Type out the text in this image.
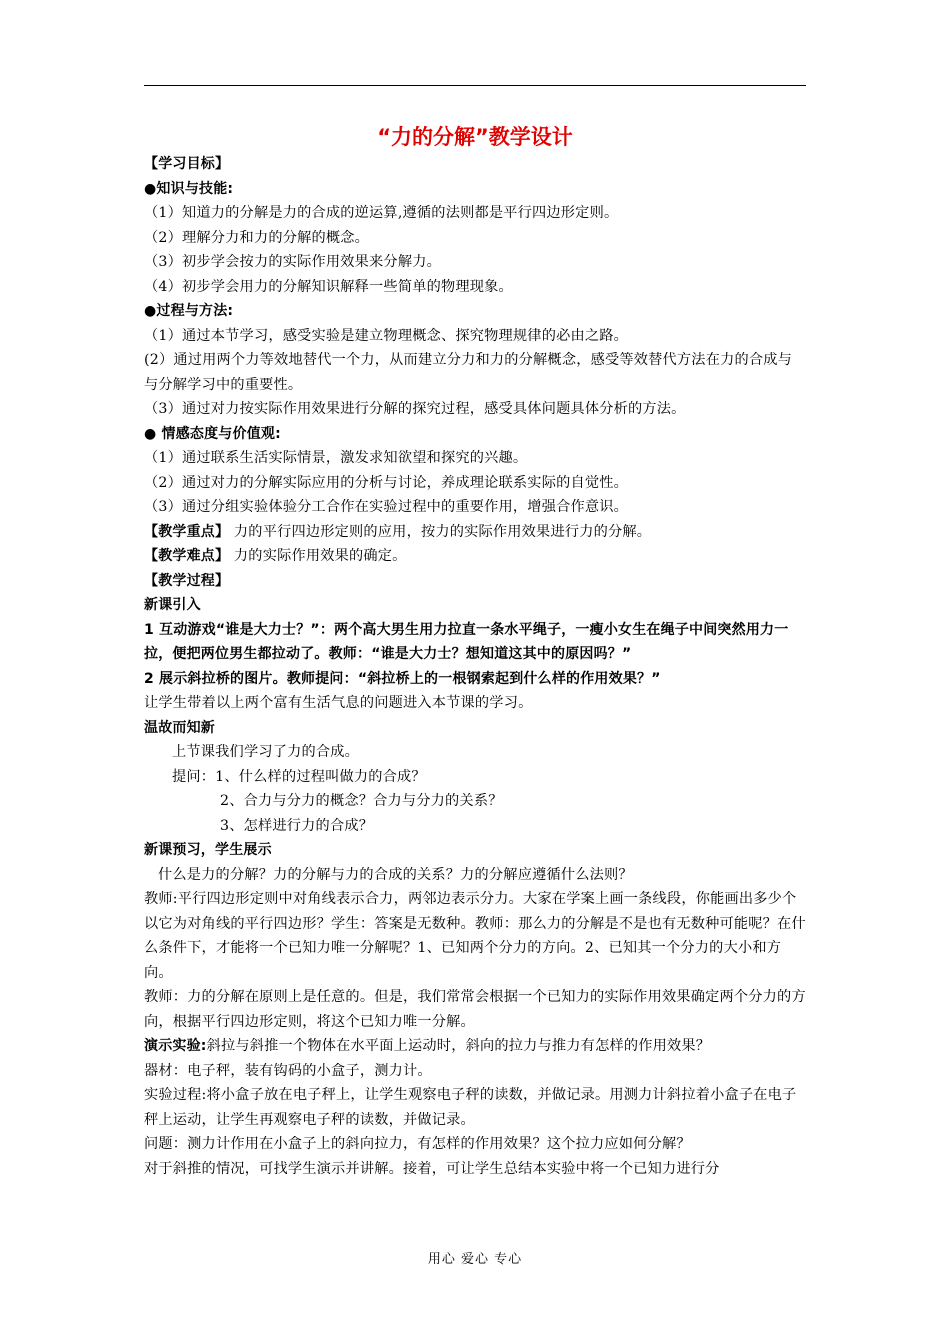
“力的分解”教学设计
【学习目标】
●知识与技能:
（1）知道力的分解是力的合成的逆运算,遵循的法则都是平行四边形定则。
（2）理解分力和力的分解的概念。
（3）初步学会按力的实际作用效果来分解力。
（4）初步学会用力的分解知识解释一些简单的物理现象。
●过程与方法:
（1）通过本节学习，感受实验是建立物理概念、探究物理规律的必由之路。
(2）通过用两个力等效地替代一个力，从而建立分力和力的分解概念，感受等效替代方法在力的合成与与分解学习中的重要性。
（3）通过对力按实际作用效果进行分解的探究过程，感受具体问题具体分析的方法。
● 情感态度与价值观:
（1）通过联系生活实际情景，激发求知欲望和探究的兴趣。
（2）通过对力的分解实际应用的分析与讨论，养成理论联系实际的自觉性。
（3）通过分组实验体验分工合作在实验过程中的重要作用，增强合作意识。
【教学重点】 力的平行四边形定则的应用，按力的实际作用效果进行力的分解。
【教学难点】 力的实际作用效果的确定。
【教学过程】
新课引入
1 互动游戏“谁是大力士？”：两个高大男生用力拉直一条水平绳子，一瘦小女生在绳子中间突然用力一拉，便把两位男生都拉动了。教师：“谁是大力士？想知道这其中的原因吗？”
2 展示斜拉桥的图片。教师提问：“斜拉桥上的一根钢索起到什么样的作用效果？”
让学生带着以上两个富有生活气息的问题进入本节课的学习。
温故而知新
上节课我们学习了力的合成。
提问：1、什么样的过程叫做力的合成？
2、合力与分力的概念？合力与分力的关系？
3、怎样进行力的合成？
新课预习，学生展示
什么是力的分解？力的分解与力的合成的关系？力的分解应遵循什么法则？
教师:平行四边形定则中对角线表示合力，两邻边表示分力。大家在学案上画一条线段，你能画出多少个以它为对角线的平行四边形？学生：答案是无数种。教师：那么力的分解是不是也有无数种可能呢？在什么条件下，才能将一个已知力唯一分解呢？1、已知两个分力的方向。2、已知其一个分力的大小和方向。
教师：力的分解在原则上是任意的。但是，我们常常会根据一个已知力的实际作用效果确定两个分力的方向，根据平行四边形定则，将这个已知力唯一分解。
演示实验:斜拉与斜推一个物体在水平面上运动时，斜向的拉力与推力有怎样的作用效果？
器材：电子秤，装有钩码的小盒子，测力计。
实验过程:将小盒子放在电子秤上，让学生观察电子秤的读数，并做记录。用测力计斜拉着小盒子在电子秤上运动，让学生再观察电子秤的读数，并做记录。
问题：测力计作用在小盒子上的斜向拉力，有怎样的作用效果？这个拉力应如何分解？
对于斜推的情况，可找学生演示并讲解。接着，可让学生总结本实验中将一个已知力进行分
用心 爱心 专心
